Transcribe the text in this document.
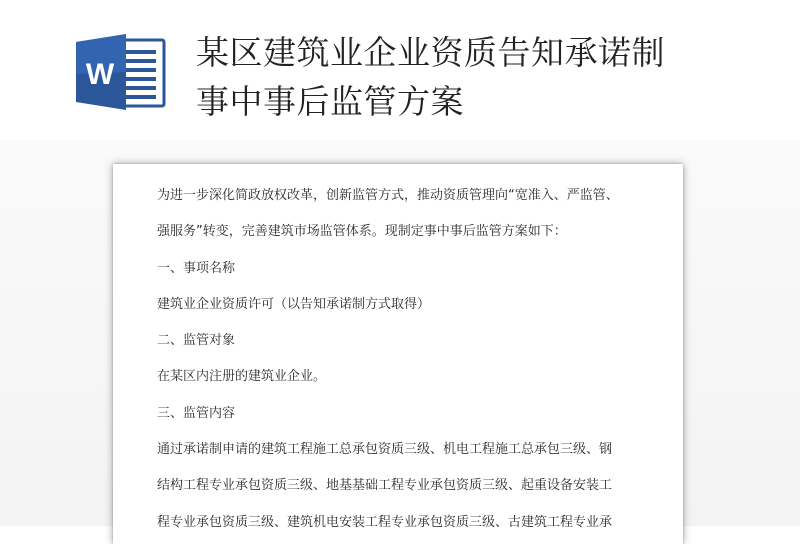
W
某区建筑业企业资质告知承诺制
事中事后监管方案

为进一步深化简政放权改革，创新监管方式，推动资质管理向“宽准入、严监管、

强服务”转变，完善建筑市场监管体系。现制定事中事后监管方案如下：

一、事项名称

建筑业企业资质许可（以告知承诺制方式取得）

二、监管对象

在某区内注册的建筑业企业。

三、监管内容

通过承诺制申请的建筑工程施工总承包资质三级、机电工程施工总承包三级、钢

结构工程专业承包资质三级、地基基础工程专业承包资质三级、起重设备安装工

程专业承包资质三级、建筑机电安装工程专业承包资质三级、古建筑工程专业承
